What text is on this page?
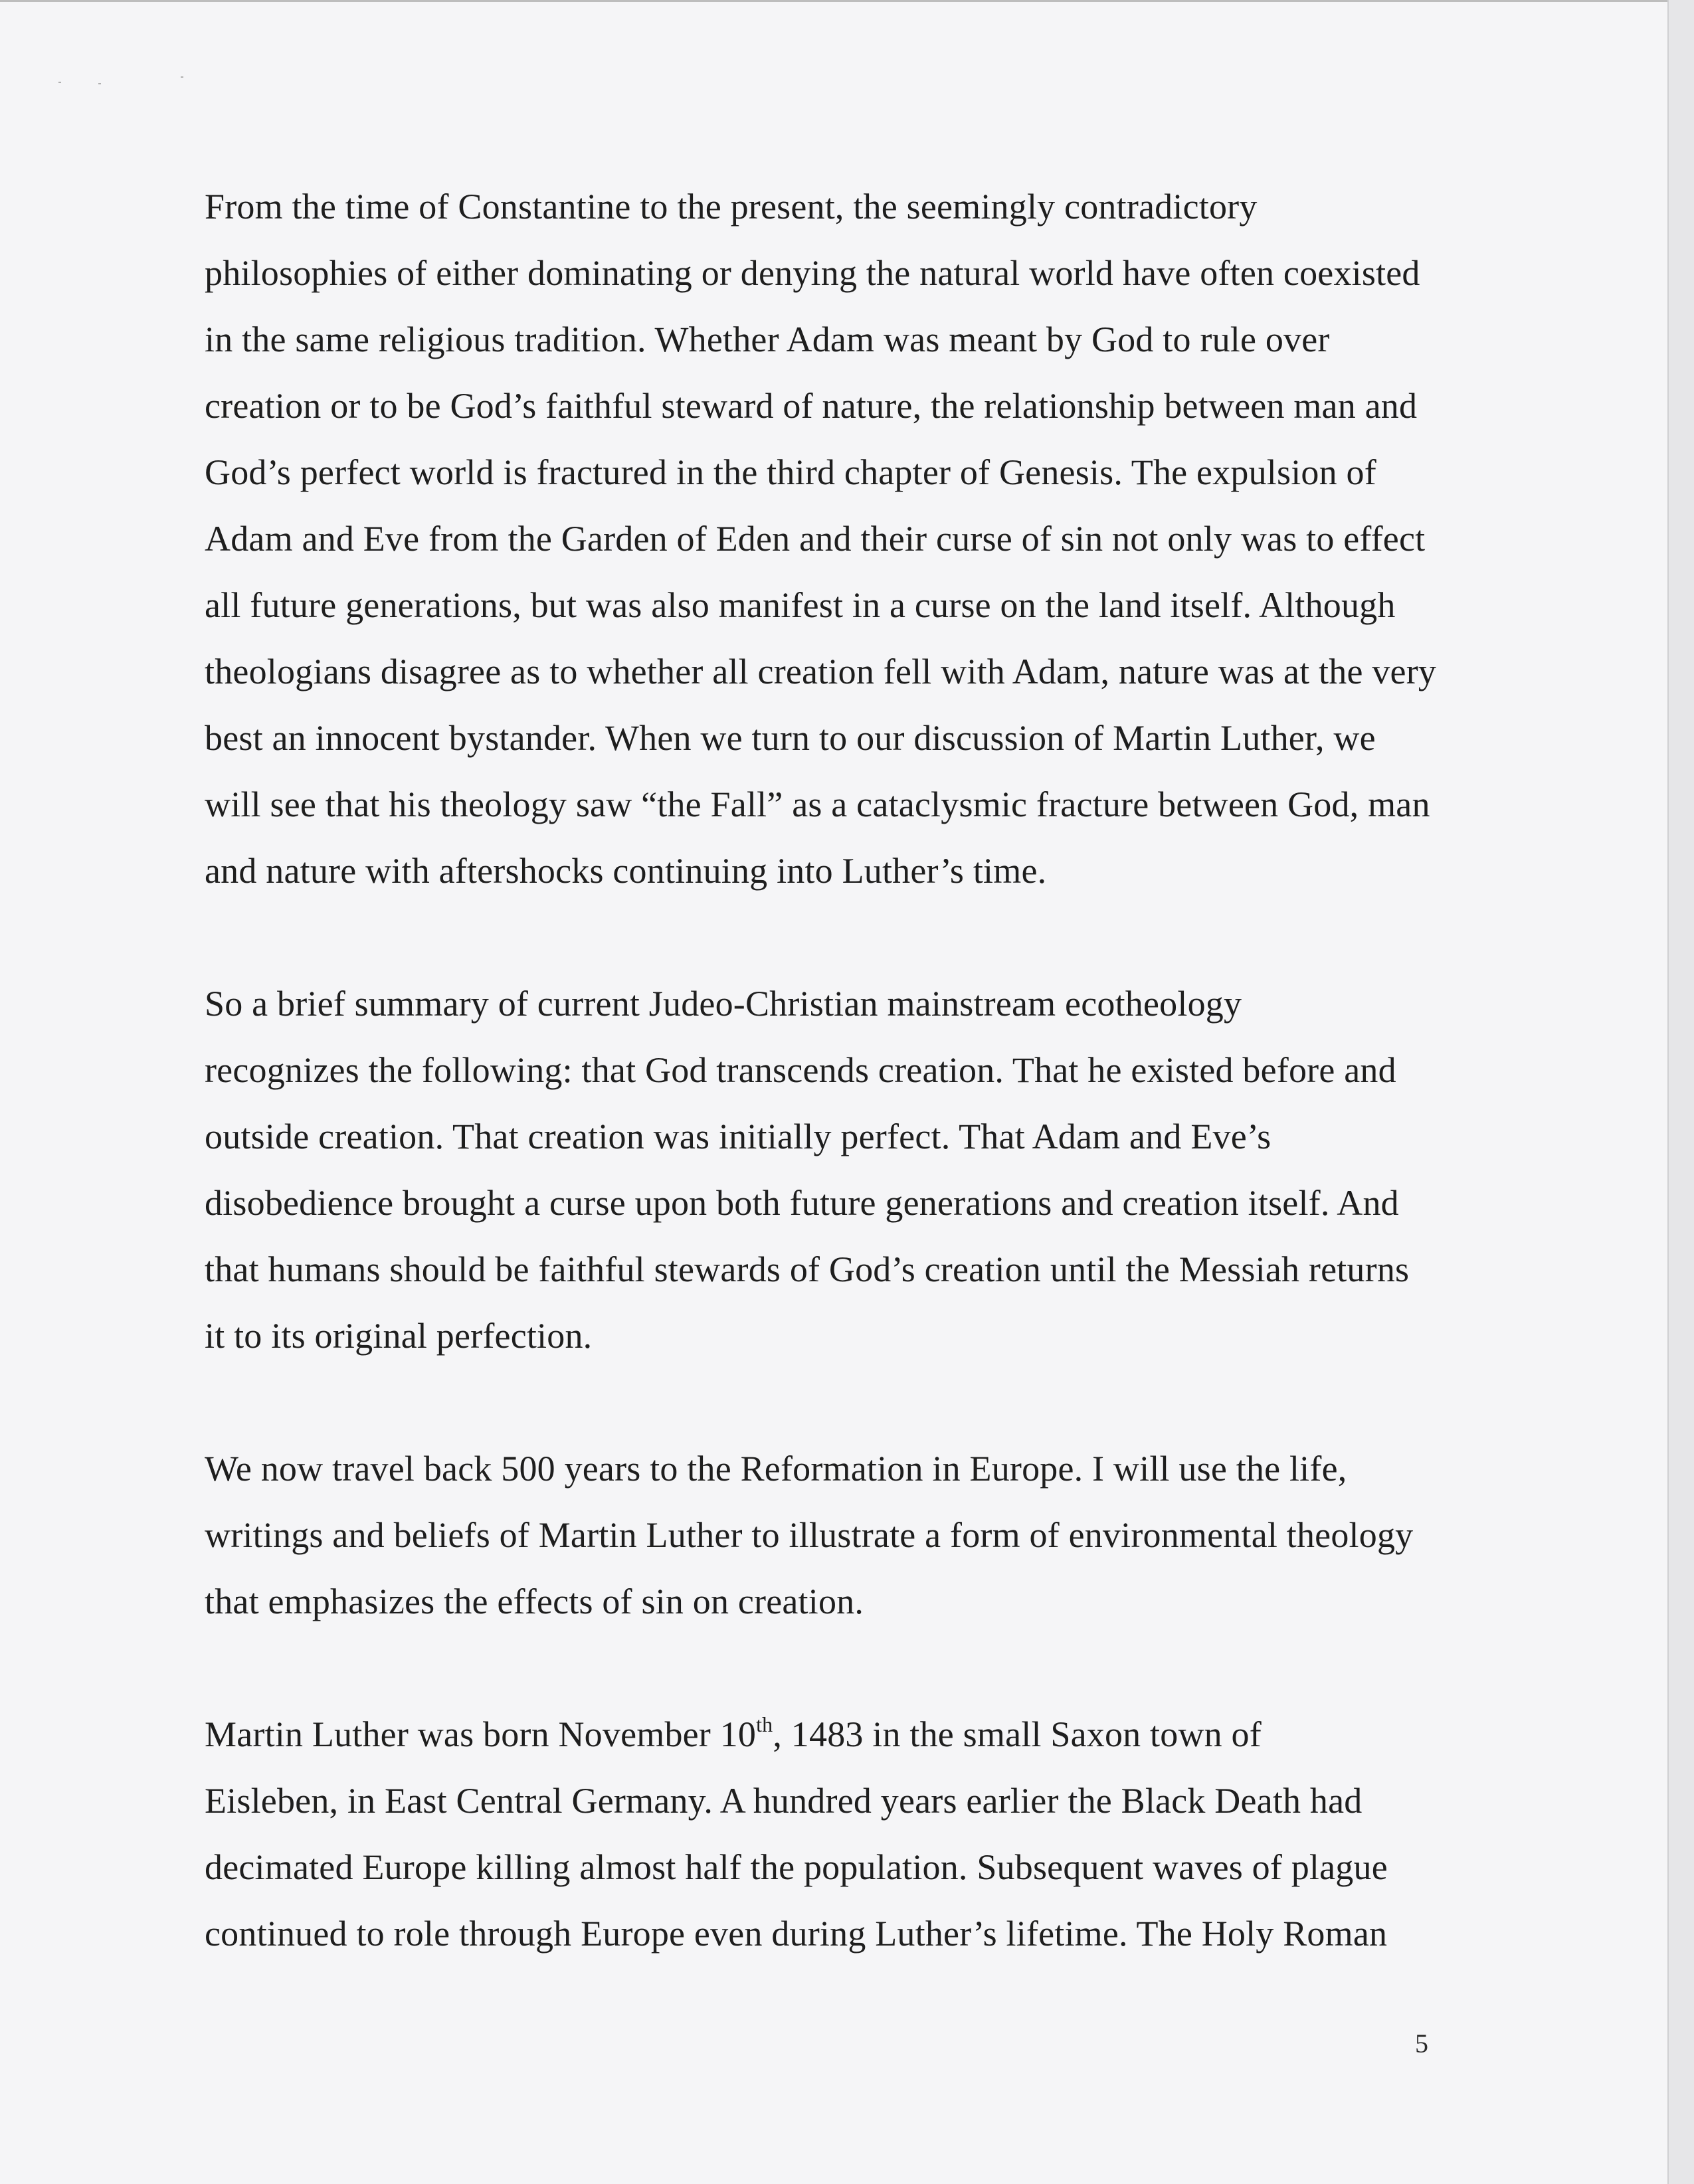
From the time of Constantine to the present, the seemingly contradictory
philosophies of either dominating or denying the natural world have often coexisted
in the same religious tradition. Whether Adam was meant by God to rule over
creation or to be God’s faithful steward of nature, the relationship between man and
God’s perfect world is fractured in the third chapter of Genesis. The expulsion of
Adam and Eve from the Garden of Eden and their curse of sin not only was to effect
all future generations, but was also manifest in a curse on the land itself. Although
theologians disagree as to whether all creation fell with Adam, nature was at the very
best an innocent bystander. When we turn to our discussion of Martin Luther, we
will see that his theology saw “the Fall” as a cataclysmic fracture between God, man
and nature with aftershocks continuing into Luther’s time.
So a brief summary of current Judeo-Christian mainstream ecotheology
recognizes the following: that God transcends creation. That he existed before and
outside creation. That creation was initially perfect. That Adam and Eve’s
disobedience brought a curse upon both future generations and creation itself. And
that humans should be faithful stewards of God’s creation until the Messiah returns
it to its original perfection.
We now travel back 500 years to the Reformation in Europe. I will use the life,
writings and beliefs of Martin Luther to illustrate a form of environmental theology
that emphasizes the effects of sin on creation.
Martin Luther was born November 10th, 1483 in the small Saxon town of
Eisleben, in East Central Germany. A hundred years earlier the Black Death had
decimated Europe killing almost half the population. Subsequent waves of plague
continued to role through Europe even during Luther’s lifetime. The Holy Roman
5
